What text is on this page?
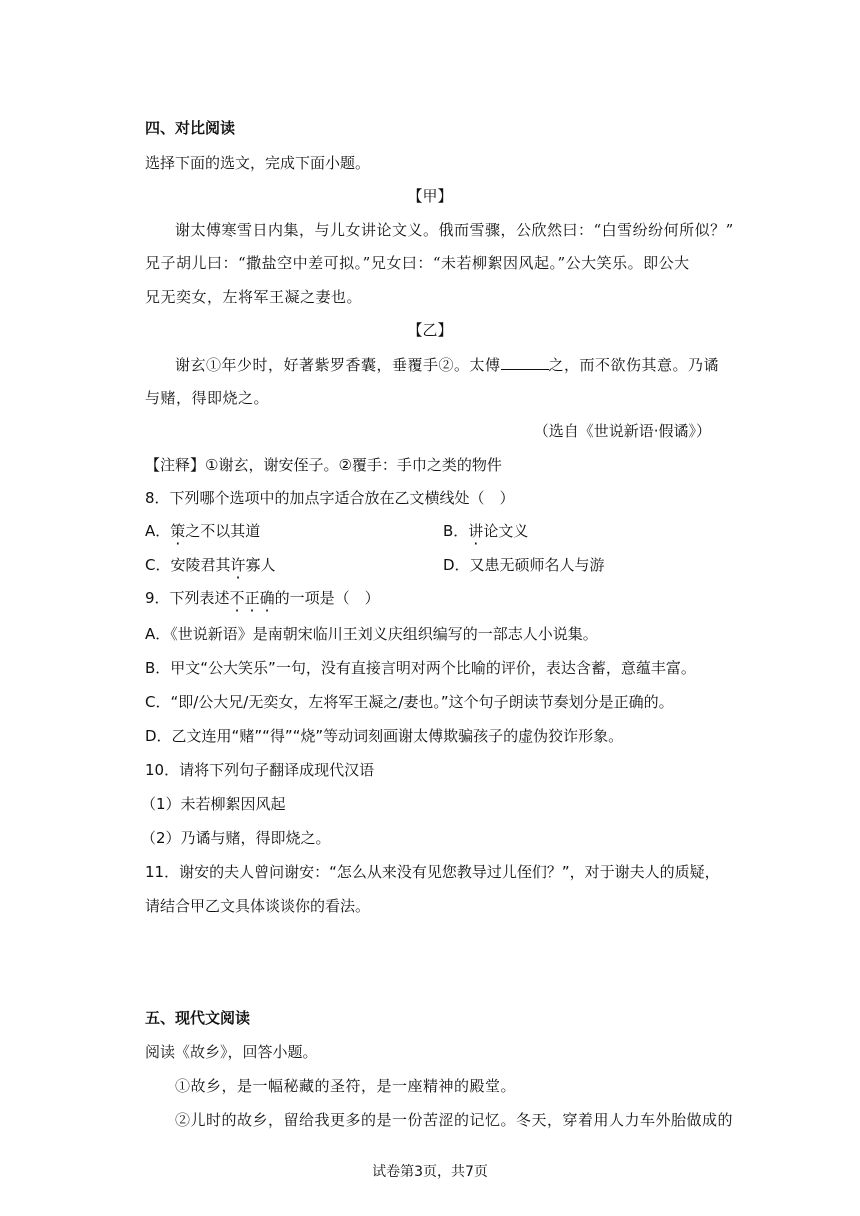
四、对比阅读
选择下面的选文，完成下面小题。
【甲】
谢太傅寒雪日内集，与儿女讲论文义。俄而雪骤，公欣然曰：“白雪纷纷何所似？”
兄子胡儿曰：“撒盐空中差可拟。”兄女曰：“未若柳絮因风起。”公大笑乐。即公大
兄无奕女，左将军王凝之妻也。
【乙】
谢玄①年少时，好著紫罗香囊，垂覆手②。太傅	之，而不欲伤其意。乃谲
与赌，得即烧之。
（选自《世说新语·假谲》）
【注释】①谢玄，谢安侄子。②覆手：手巾之类的物件
8．下列哪个选项中的加点字适合放在乙文横线处（　）
A．策之不以其道	B．讲论文义
C．安陵君其许寡人	D．又患无硕师名人与游
9．下列表述不正确的一项是（　）
A．《世说新语》是南朝宋临川王刘义庆组织编写的一部志人小说集。
B．甲文“公大笑乐”一句，没有直接言明对两个比喻的评价，表达含蓄，意蕴丰富。
C．“即/公大兄/无奕女，左将军王凝之/妻也。”这个句子朗读节奏划分是正确的。
D．乙文连用“赌”“得”“烧”等动词刻画谢太傅欺骗孩子的虚伪狡诈形象。
10．请将下列句子翻译成现代汉语
（1）未若柳絮因风起
（2）乃谲与赌，得即烧之。
11．谢安的夫人曾问谢安：“怎么从来没有见您教导过儿侄们？”，对于谢夫人的质疑，
请结合甲乙文具体谈谈你的看法。
五、现代文阅读
阅读《故乡》，回答小题。
①故乡，是一幅秘藏的圣符，是一座精神的殿堂。
②儿时的故乡，留给我更多的是一份苦涩的记忆。冬天，穿着用人力车外胎做成的
试卷第3页，共7页
